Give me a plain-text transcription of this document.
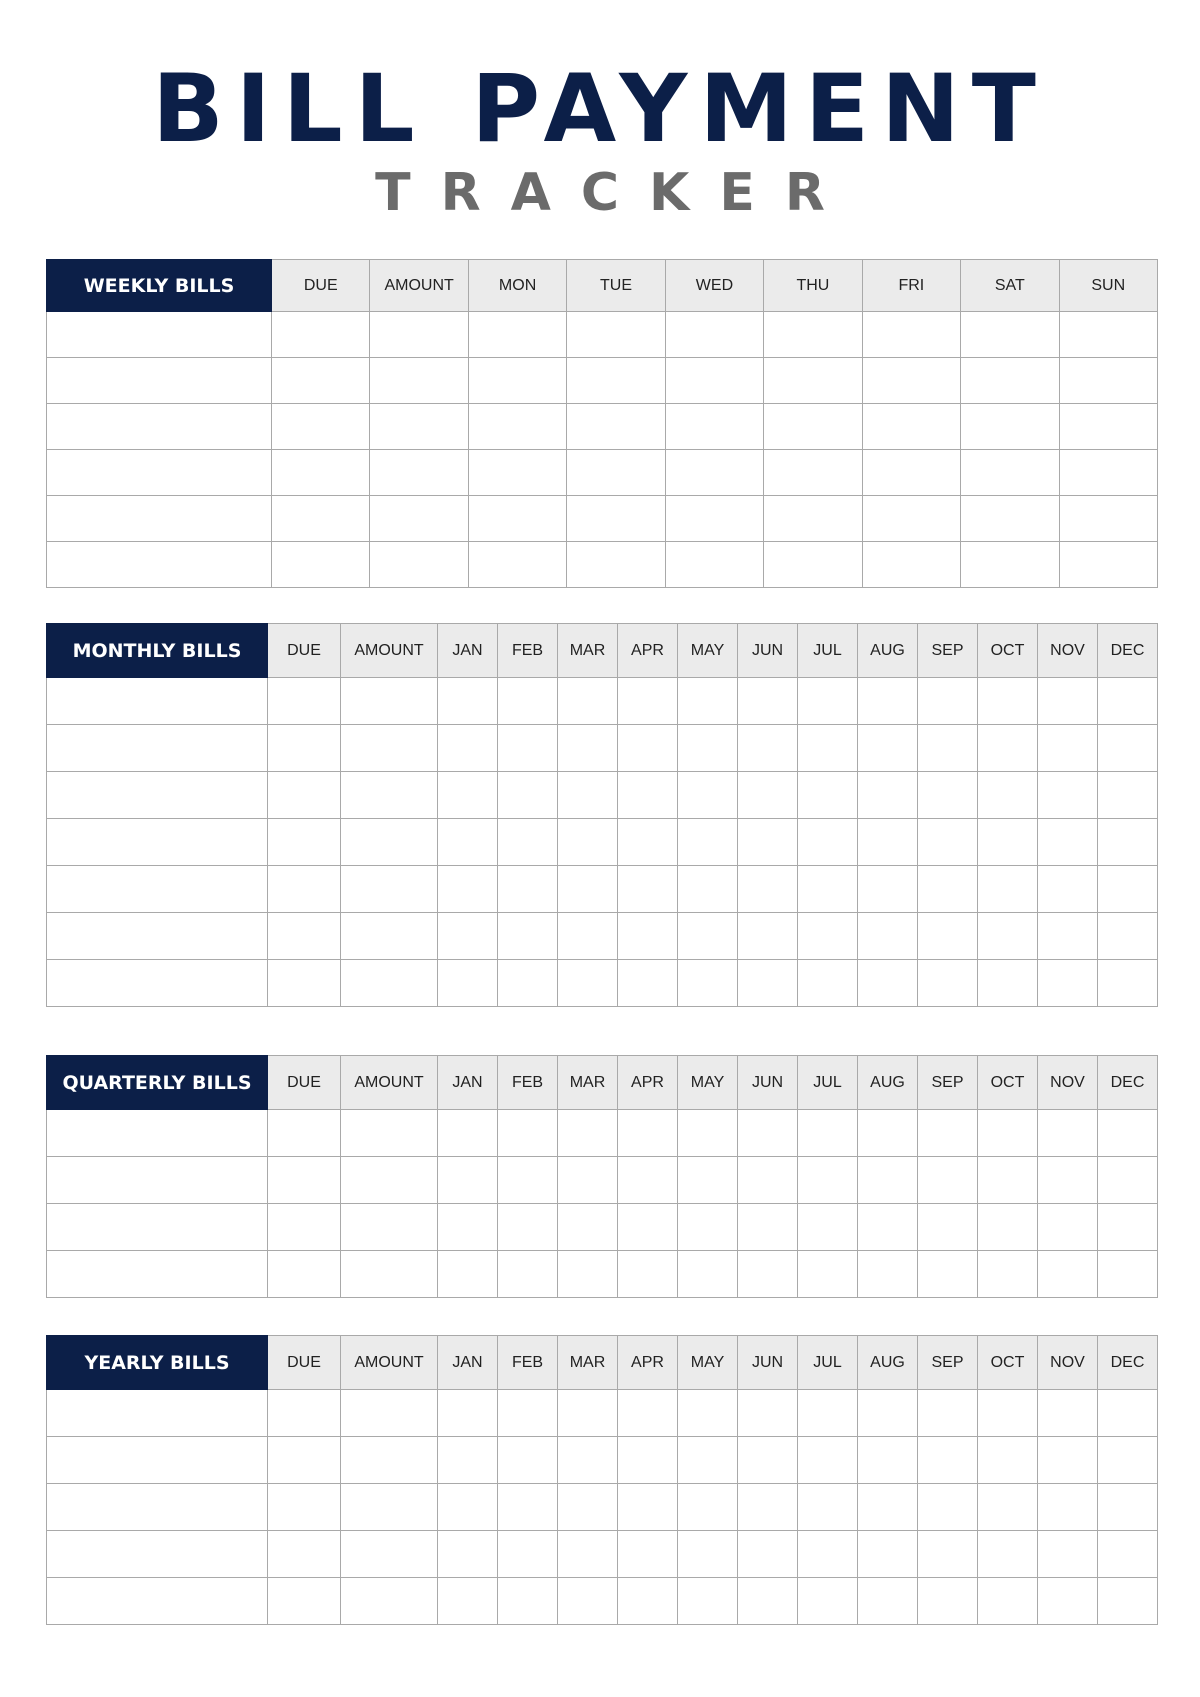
BILL PAYMENT
TRACKER
WEEKLY BILLS	DUE	AMOUNT	MON	TUE	WED	THU	FRI	SAT	SUN

MONTHLY BILLS	DUE	AMOUNT	JAN	FEB	MAR	APR	MAY	JUN	JUL	AUG	SEP	OCT	NOV	DEC

QUARTERLY BILLS	DUE	AMOUNT	JAN	FEB	MAR	APR	MAY	JUN	JUL	AUG	SEP	OCT	NOV	DEC

YEARLY BILLS	DUE	AMOUNT	JAN	FEB	MAR	APR	MAY	JUN	JUL	AUG	SEP	OCT	NOV	DEC
